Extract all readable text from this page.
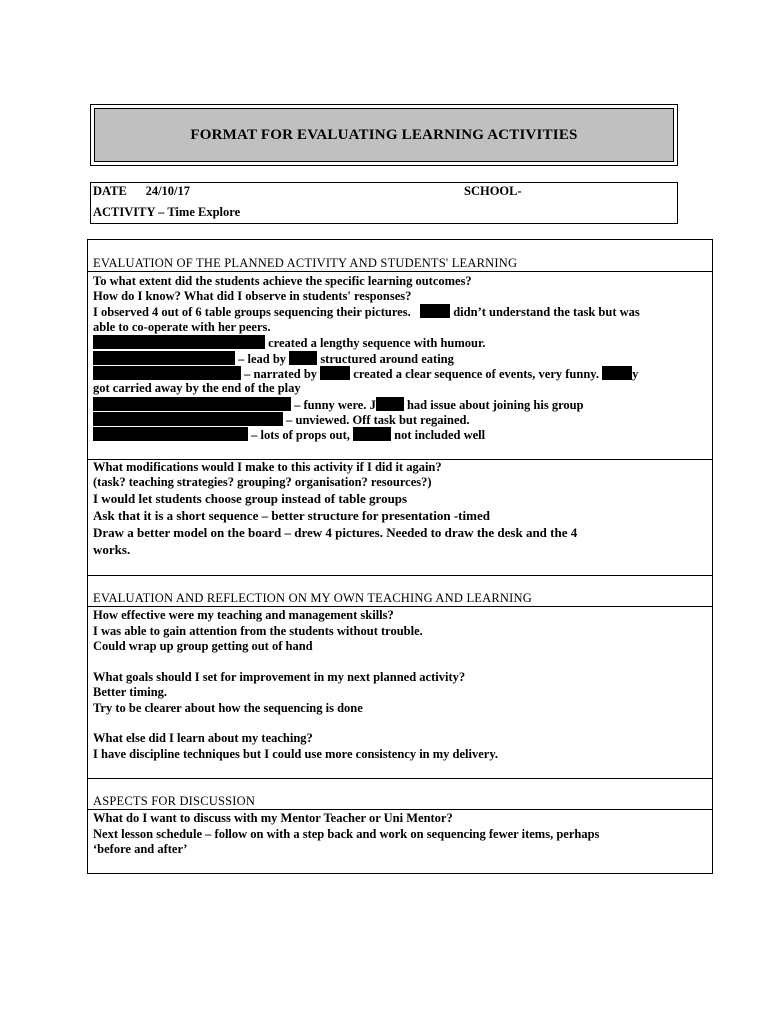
FORMAT FOR EVALUATING LEARNING ACTIVITIES
DATE 24/10/17	SCHOOL-
ACTIVITY – Time Explore
EVALUATION OF THE PLANNED ACTIVITY AND STUDENTS' LEARNING
To what extent did the students achieve the specific learning outcomes?
How do I know? What did I observe in students' responses?
I observed 4 out of 6 table groups sequencing their pictures.	didn’t understand the task but was
able to co-operate with her peers.
created a lengthy sequence with humour.
– lead by	structured around eating
– narrated by	created a clear sequence of events, very funny.	y
got carried away by the end of the play
– funny were. J had issue about joining his group
– unviewed. Off task but regained.
– lots of props out,	not included well
What modifications would I make to this activity if I did it again?
(task? teaching strategies? grouping? organisation? resources?)
I would let students choose group instead of table groups
Ask that it is a short sequence – better structure for presentation -timed
Draw a better model on the board – drew 4 pictures. Needed to draw the desk and the 4
works.
EVALUATION AND REFLECTION ON MY OWN TEACHING AND LEARNING
How effective were my teaching and management skills?
I was able to gain attention from the students without trouble.
Could wrap up group getting out of hand
What goals should I set for improvement in my next planned activity?
Better timing.
Try to be clearer about how the sequencing is done
What else did I learn about my teaching?
I have discipline techniques but I could use more consistency in my delivery.
ASPECTS FOR DISCUSSION
What do I want to discuss with my Mentor Teacher or Uni Mentor?
Next lesson schedule – follow on with a step back and work on sequencing fewer items, perhaps
‘before and after’
